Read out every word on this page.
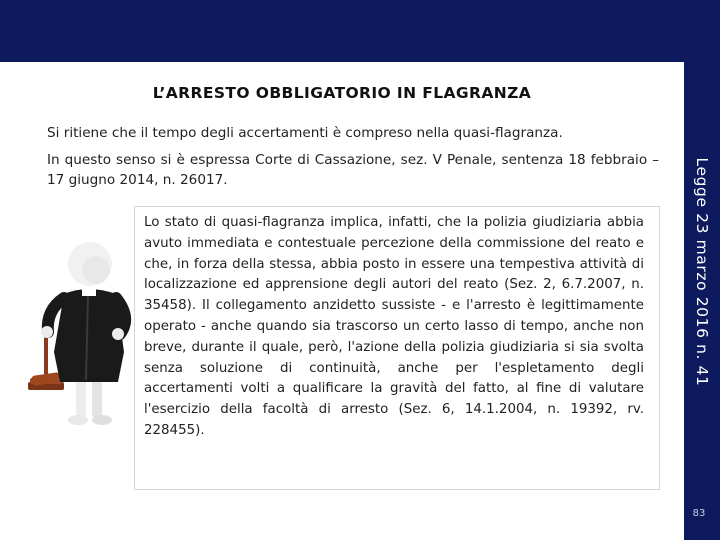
L’ARRESTO OBBLIGATORIO IN FLAGRANZA
Si ritiene che il tempo degli accertamenti è compreso nella quasi-flagranza.
In questo senso si è espressa Corte di Cassazione, sez. V Penale, sentenza 18 febbraio – 17 giugno 2014, n. 26017.
Lo stato di quasi-flagranza implica, infatti, che la polizia giudiziaria abbia avuto immediata e contestuale percezione della commissione del reato e che, in forza della stessa, abbia posto in essere una tempestiva attività di localizzazione ed apprensione degli autori del reato (Sez. 2, 6.7.2007, n. 35458). Il collegamento anzidetto sussiste - e l'arresto è legittimamente operato - anche quando sia trascorso un certo lasso di tempo, anche non breve, durante il quale, però, l'azione della polizia giudiziaria si sia svolta senza soluzione di continuità, anche per l'espletamento degli accertamenti volti a qualificare la gravità del fatto, al fine di valutare l'esercizio della facoltà di arresto (Sez. 6, 14.1.2004, n. 19392, rv. 228455).
Legge 23 marzo 2016 n. 41
83
